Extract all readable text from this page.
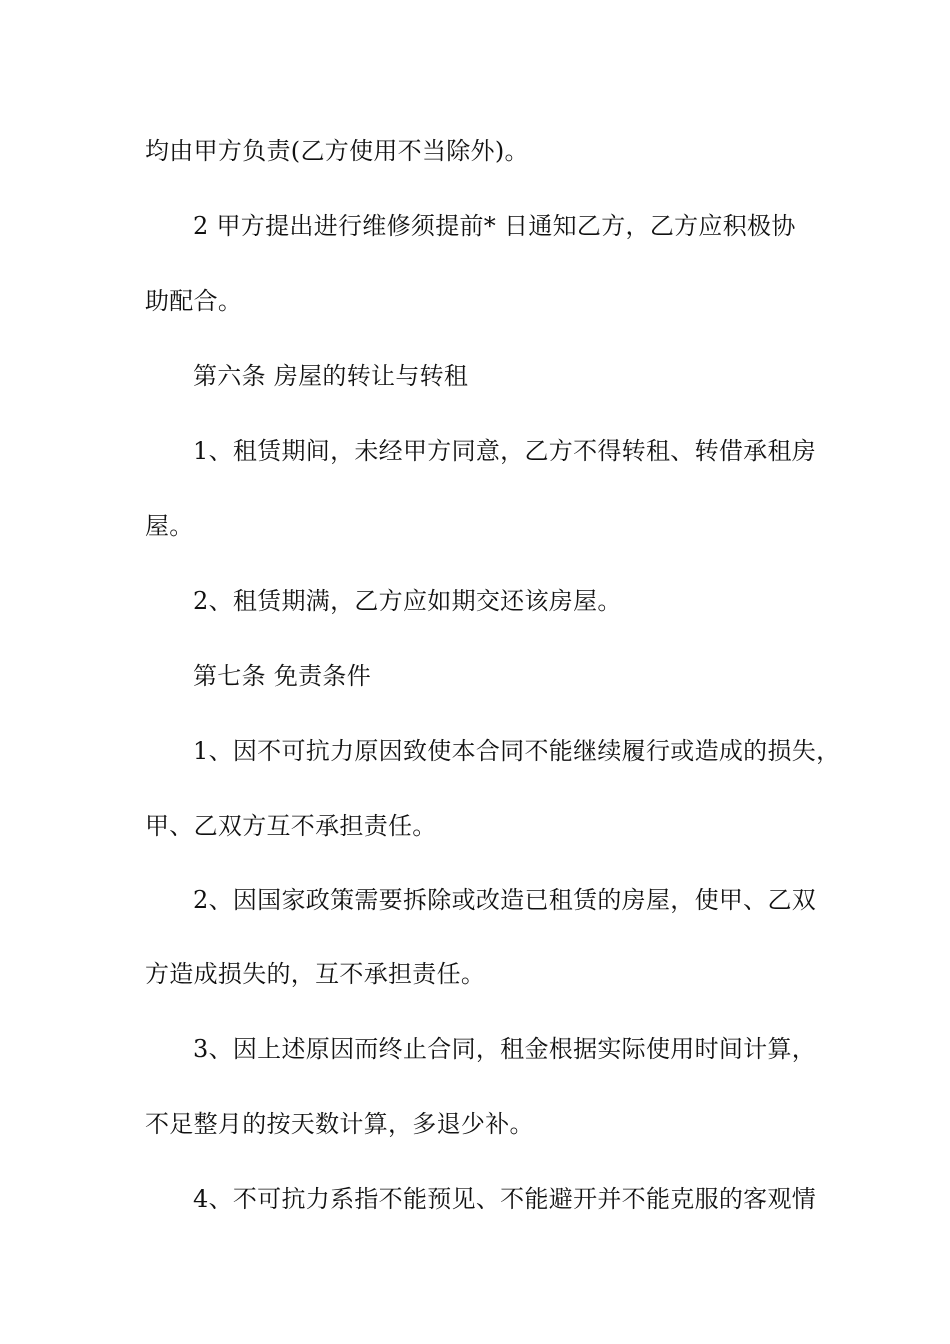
均由甲方负责(乙方使用不当除外)。
2 甲方提出进行维修须提前* 日通知乙方，乙方应积极协
助配合。
第六条 房屋的转让与转租
1、租赁期间，未经甲方同意，乙方不得转租、转借承租房
屋。
2、租赁期满，乙方应如期交还该房屋。
第七条 免责条件
1、因不可抗力原因致使本合同不能继续履行或造成的损失，
甲、乙双方互不承担责任。
2、因国家政策需要拆除或改造已租赁的房屋，使甲、乙双
方造成损失的，互不承担责任。
3、因上述原因而终止合同，租金根据实际使用时间计算，
不足整月的按天数计算，多退少补。
4、不可抗力系指不能预见、不能避开并不能克服的客观情
